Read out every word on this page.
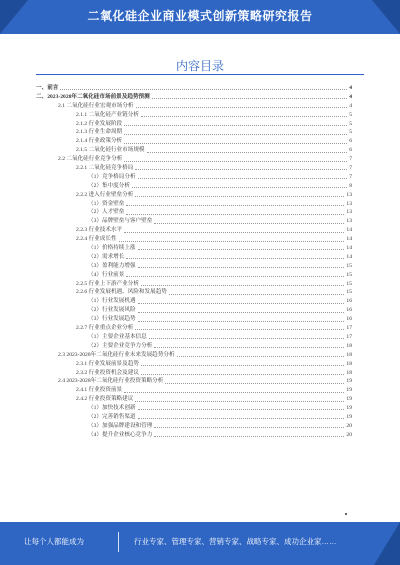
二氧化硅企业商业模式创新策略研究报告
内容目录
一、前言	4
二、2023-2028年二氧化硅市场前景及趋势预测	4
2.1 二氧化硅行业宏观市场分析	4
2.1.1 二氧化硅产业链分析	5
2.1.2 行业发展阶段	5
2.1.3 行业生命周期	5
2.1.4 行业政策分析	6
2.1.5 二氧化硅行业市场规模	6
2.2 二氧化硅行业竞争分析	7
2.2.1 二氧化硅竞争格局	7
（1）竞争格局分析	7
（2）集中度分析	8
2.2.2 进入行业壁垒分析	13
（1）资金壁垒	13
（2）人才壁垒	13
（3）品牌壁垒与客户壁垒	13
2.2.3 行业技术水平	14
2.2.4 行业成长性	14
（1）价格持续上涨	14
（2）需求增长	14
（3）盈利能力增强	15
（4）行业前景	15
2.2.5 行业上下游产业分析	15
2.2.6 行业发展机遇、风险和发展趋势	15
（1）行业发展机遇	16
（2）行业发展风险	16
（3）行业发展趋势	16
2.2.7 行业重点企业分析	17
（1）主要企业基本信息	17
（2）主要企业竞争力分析	18
2.3 2023-2028年二氧化硅行业未来发展趋势分析	18
2.3.1 行业发展前景及趋势	18
2.3.2 行业投资机会及建议	18
2.4 2023-2028年二氧化硅行业投资策略分析	19
2.4.1 行业投资前景	19
2.4.2 行业投资策略建议	19
（1）加快技术创新	19
（2）完善销售渠道	19
（3）加强品牌建设和管理	20
（4）提升企业核心竞争力	20
让每个人都能成为	行业专家、管理专家、营销专家、战略专家、成功企业家……
